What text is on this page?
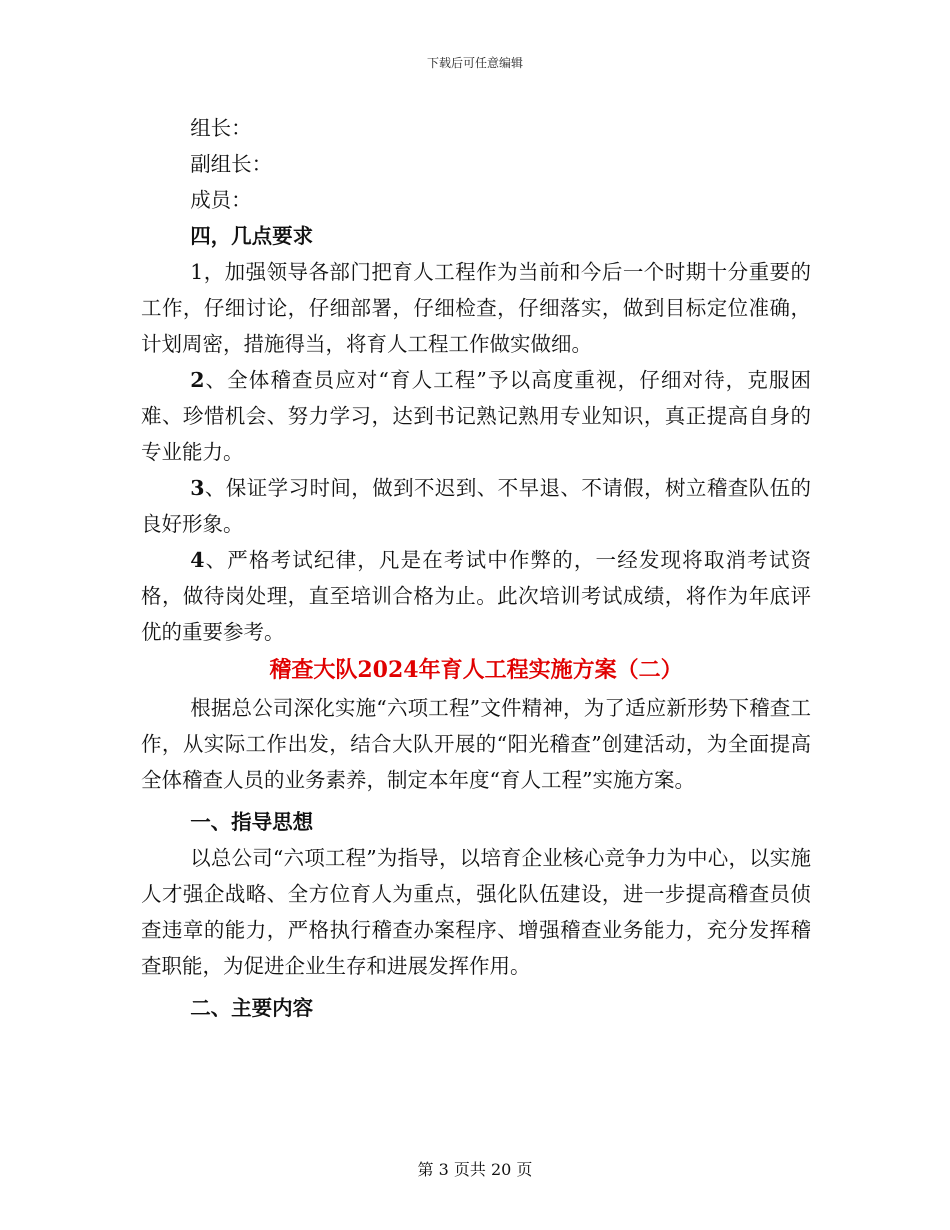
下载后可任意编辑

组长：

副组长：

成员：

四，几点要求

1，加强领导各部门把育人工程作为当前和今后一个时期十分重要的工作，仔细讨论，仔细部署，仔细检查，仔细落实，做到目标定位准确，计划周密，措施得当，将育人工程工作做实做细。

2、全体稽查员应对“育人工程”予以高度重视，仔细对待，克服困难、珍惜机会、努力学习，达到书记熟记熟用专业知识，真正提高自身的专业能力。

3、保证学习时间，做到不迟到、不早退、不请假，树立稽查队伍的良好形象。

4、严格考试纪律，凡是在考试中作弊的，一经发现将取消考试资格，做待岗处理，直至培训合格为止。此次培训考试成绩，将作为年底评优的重要参考。

稽查大队2024年育人工程实施方案（二）

根据总公司深化实施“六项工程”文件精神，为了适应新形势下稽查工作，从实际工作出发，结合大队开展的“阳光稽查”创建活动，为全面提高全体稽查人员的业务素养，制定本年度“育人工程”实施方案。

一、指导思想

以总公司“六项工程”为指导，以培育企业核心竞争力为中心，以实施人才强企战略、全方位育人为重点，强化队伍建设，进一步提高稽查员侦查违章的能力，严格执行稽查办案程序、增强稽查业务能力，充分发挥稽查职能，为促进企业生存和进展发挥作用。

二、主要内容

第 3 页共 20 页
